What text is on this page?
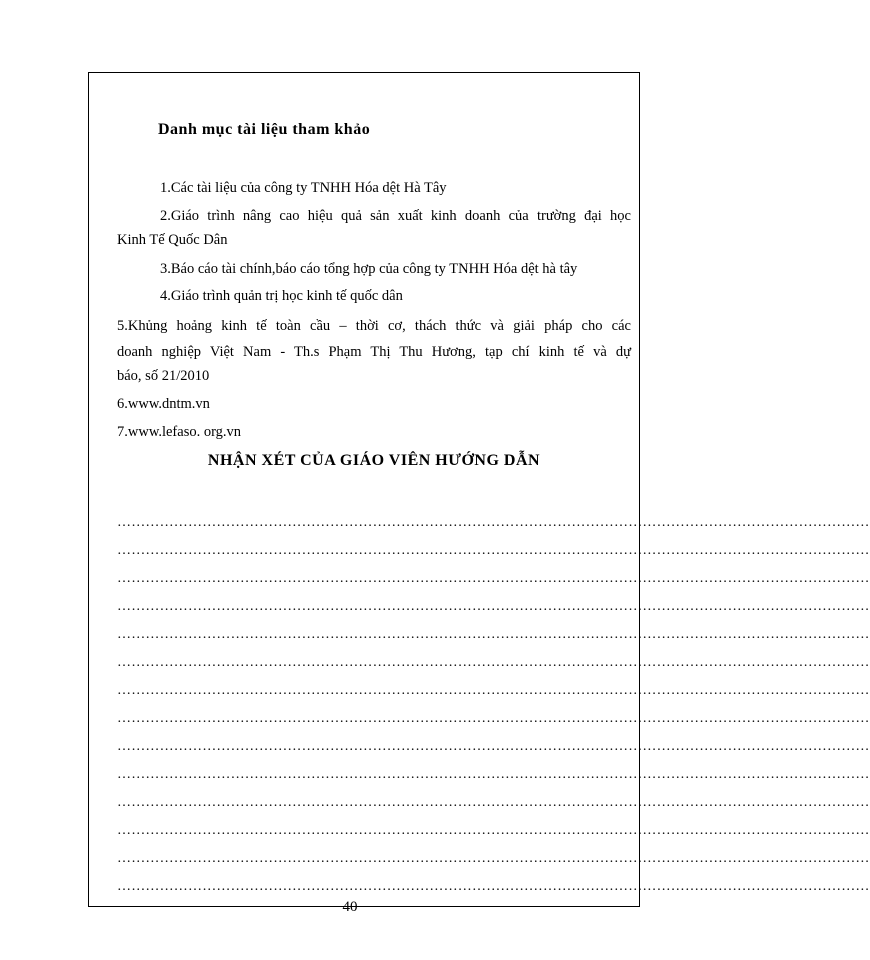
Danh mục tài liệu tham khảo
1.Các tài liệu của công ty TNHH Hóa dệt Hà Tây
2.Giáo trình nâng cao hiệu quả sản xuất kinh doanh của trường đại học
Kinh Tế Quốc Dân
3.Báo cáo tài chính,báo cáo tổng hợp của công ty TNHH Hóa dệt hà tây
4.Giáo trình quản trị học kinh tế quốc dân
5.Khủng hoảng kinh tế toàn cầu – thời cơ, thách thức và giải pháp cho các
doanh nghiệp Việt Nam - Th.s Phạm Thị Thu Hương, tạp chí kinh tế và dự
báo, số 21/2010
6.www.dntm.vn
7.www.lefaso. org.vn
NHẬN XÉT CỦA GIÁO VIÊN HƯỚNG DẪN
……………………………………………………………………………………………………………………………………………
……………………………………………………………………………………………………………………………………………
……………………………………………………………………………………………………………………………………………
……………………………………………………………………………………………………………………………………………
……………………………………………………………………………………………………………………………………………
……………………………………………………………………………………………………………………………………………
……………………………………………………………………………………………………………………………………………
……………………………………………………………………………………………………………………………………………
……………………………………………………………………………………………………………………………………………
……………………………………………………………………………………………………………………………………………
……………………………………………………………………………………………………………………………………………
……………………………………………………………………………………………………………………………………………
……………………………………………………………………………………………………………………………………………
……………………………………………………………………………………………………………………………………………
40
